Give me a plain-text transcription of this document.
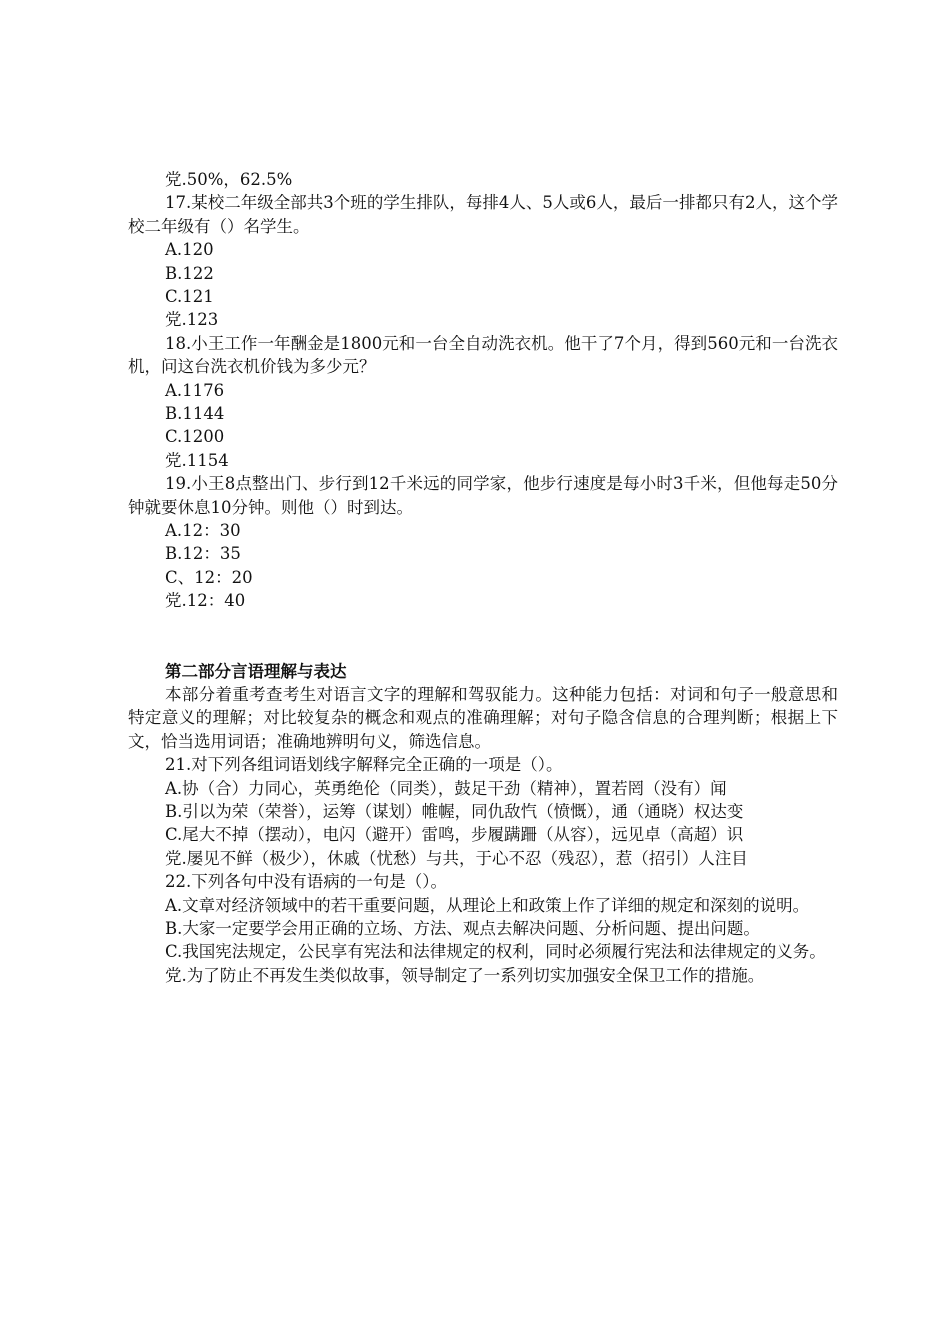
党.50%，62.5%

17.某校二年级全部共3个班的学生排队，每排4人、5人或6人，最后一排都只有2人，这个学校二年级有（）名学生。

A.120

B.122

C.121

党.123

18.小王工作一年酬金是1800元和一台全自动洗衣机。他干了7个月，得到560元和一台洗衣机，问这台洗衣机价钱为多少元？

A.1176

B.1144

C.1200

党.1154

19.小王8点整出门、步行到12千米远的同学家，他步行速度是每小时3千米，但他每走50分钟就要休息10分钟。则他（）时到达。

A.12：30

B.12：35

C、12：20

党.12：40

第二部分言语理解与表达

本部分着重考查考生对语言文字的理解和驾驭能力。这种能力包括：对词和句子一般意思和特定意义的理解；对比较复杂的概念和观点的准确理解；对句子隐含信息的合理判断；根据上下文，恰当选用词语；准确地辨明句义，筛选信息。

21.对下列各组词语划线字解释完全正确的一项是（）。

A.协（合）力同心，英勇绝伦（同类），鼓足干劲（精神），置若罔（没有）闻

B.引以为荣（荣誉），运筹（谋划）帷幄，同仇敌忾（愤慨），通（通晓）权达变

C.尾大不掉（摆动），电闪（避开）雷鸣，步履蹒跚（从容），远见卓（高超）识

党.屡见不鲜（极少），休戚（忧愁）与共，于心不忍（残忍），惹（招引）人注目

22.下列各句中没有语病的一句是（）。

A.文章对经济领域中的若干重要问题，从理论上和政策上作了详细的规定和深刻的说明。

B.大家一定要学会用正确的立场、方法、观点去解决问题、分析问题、提出问题。

C.我国宪法规定，公民享有宪法和法律规定的权利，同时必须履行宪法和法律规定的义务。

党.为了防止不再发生类似故事，领导制定了一系列切实加强安全保卫工作的措施。
